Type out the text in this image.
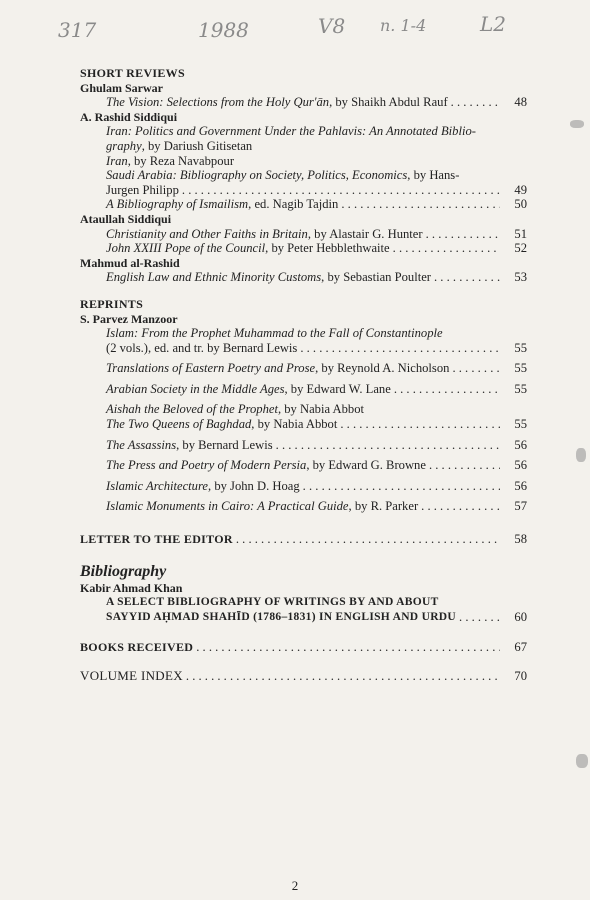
317	1988	V8 n. 1-4	L2
SHORT REVIEWS
Ghulam Sarwar
The Vision: Selections from the Holy Qur'ān, by Shaikh Abdul Rauf . . .	48
A. Rashid Siddiqui
Iran: Politics and Government Under the Pahlavis: An Annotated Biblio-
graphy, by Dariush Gitisetan
Iran, by Reza Navabpour
Saudi Arabia: Bibliography on Society, Politics, Economics, by Hans-
Jurgen Philipp . . .	49
A Bibliography of Ismailism, ed. Nagib Tajdin . . .	50
Ataullah Siddiqui
Christianity and Other Faiths in Britain, by Alastair G. Hunter . . .	51
John XXIII Pope of the Council, by Peter Hebblethwaite . . .	52
Mahmud al-Rashid
English Law and Ethnic Minority Customs, by Sebastian Poulter . . .	53
REPRINTS
S. Parvez Manzoor
Islam: From the Prophet Muhammad to the Fall of Constantinople
(2 vols.), ed. and tr. by Bernard Lewis . . .	55
Translations of Eastern Poetry and Prose, by Reynold A. Nicholson . . .	55
Arabian Society in the Middle Ages, by Edward W. Lane . . .	55
Aishah the Beloved of the Prophet, by Nabia Abbot
The Two Queens of Baghdad, by Nabia Abbot . . .	55
The Assassins, by Bernard Lewis . . .	56
The Press and Poetry of Modern Persia, by Edward G. Browne . . .	56
Islamic Architecture, by John D. Hoag . . .	56
Islamic Monuments in Cairo: A Practical Guide, by R. Parker . . .	57
LETTER TO THE EDITOR . . .	58
Bibliography
Kabir Ahmad Khan
A SELECT BIBLIOGRAPHY OF WRITINGS BY AND ABOUT
SAYYID AḤMAD SHAHĪD (1786–1831) IN ENGLISH AND URDU . . .	60
BOOKS RECEIVED . . .	67
VOLUME INDEX . . .	70
2
